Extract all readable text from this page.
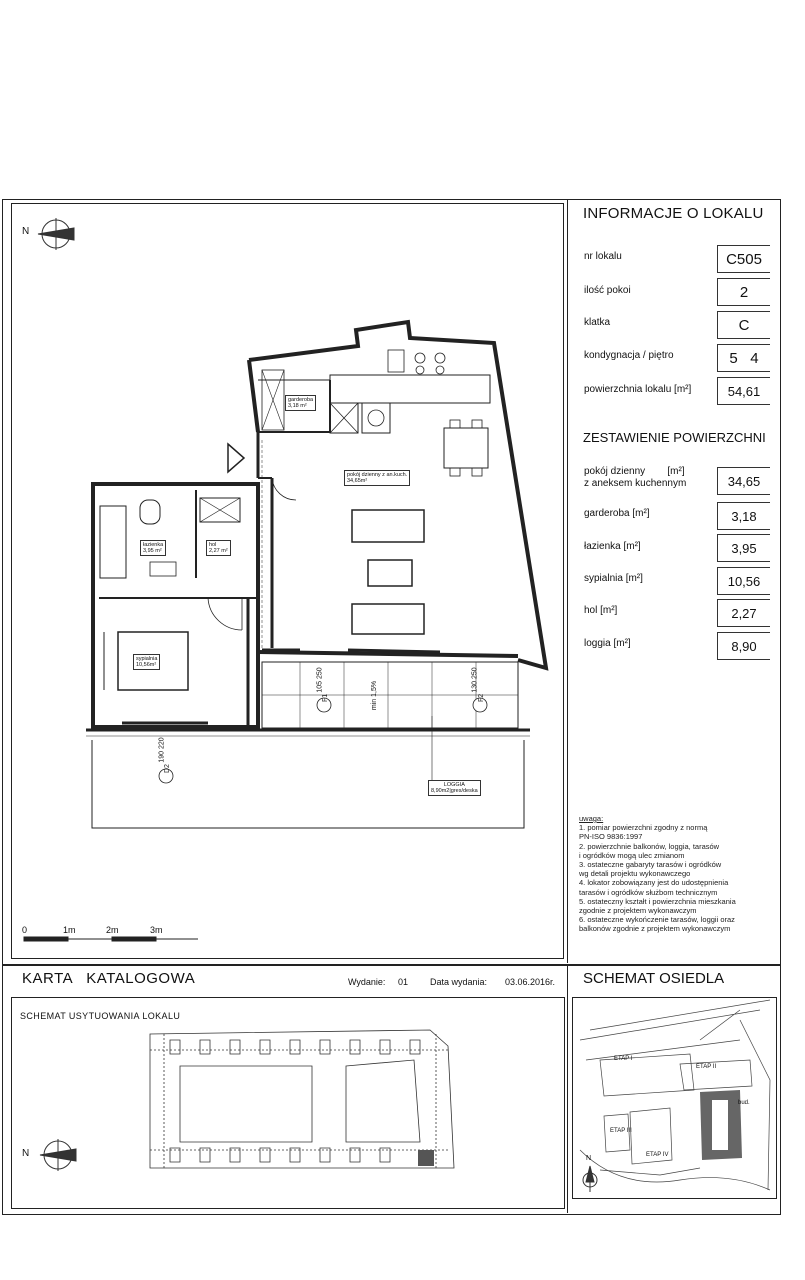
INFORMACJE O LOKALU
nr lokalu	C505
ilość pokoi	2
klatka	C
kondygnacja / piętro	5   4
powierzchnia lokalu [m²]	54,61
ZESTAWIENIE POWIERZCHNI
pokój dzienny        [m²]
z aneksem kuchennym	34,65
garderoba [m²]	3,18
łazienka [m²]	3,95
sypialnia [m²]	10,56
hol [m²]	2,27
loggia [m²]	8,90
uwaga:
1. pomiar powierzchni zgodny z normą
PN-ISO 9836:1997
2. powierzchnie balkonów, loggia, tarasów
i ogródków mogą ulec zmianom
3. ostateczne gabaryty tarasów i ogródków
wg detali projektu wykonawczego
4. lokator zobowiązany jest do udostępnienia
tarasów i ogródków służbom technicznym
5. ostateczny kształt i powierzchnia mieszkania
zgodnie z projektem wykonawczym
6. ostateczne wykończenie tarasów, loggii oraz
balkonów zgodnie z projektem wykonawczym
F1	F2
D2
garderoba
3,18 m²
pokój dzienny z an.kuch.
34,65m²
łazienka
3,95 m²
hol
2,27 m²
sypialnia
10,56m²
LOGGIA
8,90m2|gres/deska
105 250
130 250
190 220
min 1,5%
0	1m	2m	3m
N
KARTA   KATALOGOWA	Wydanie: 01 Data wydania: 03.06.2016r.
SCHEMAT USYTUOWANIA LOKALU
SCHEMAT OSIEDLA
N
ETAP I
ETAP II
ETAP III
ETAP IV
bud.
N
